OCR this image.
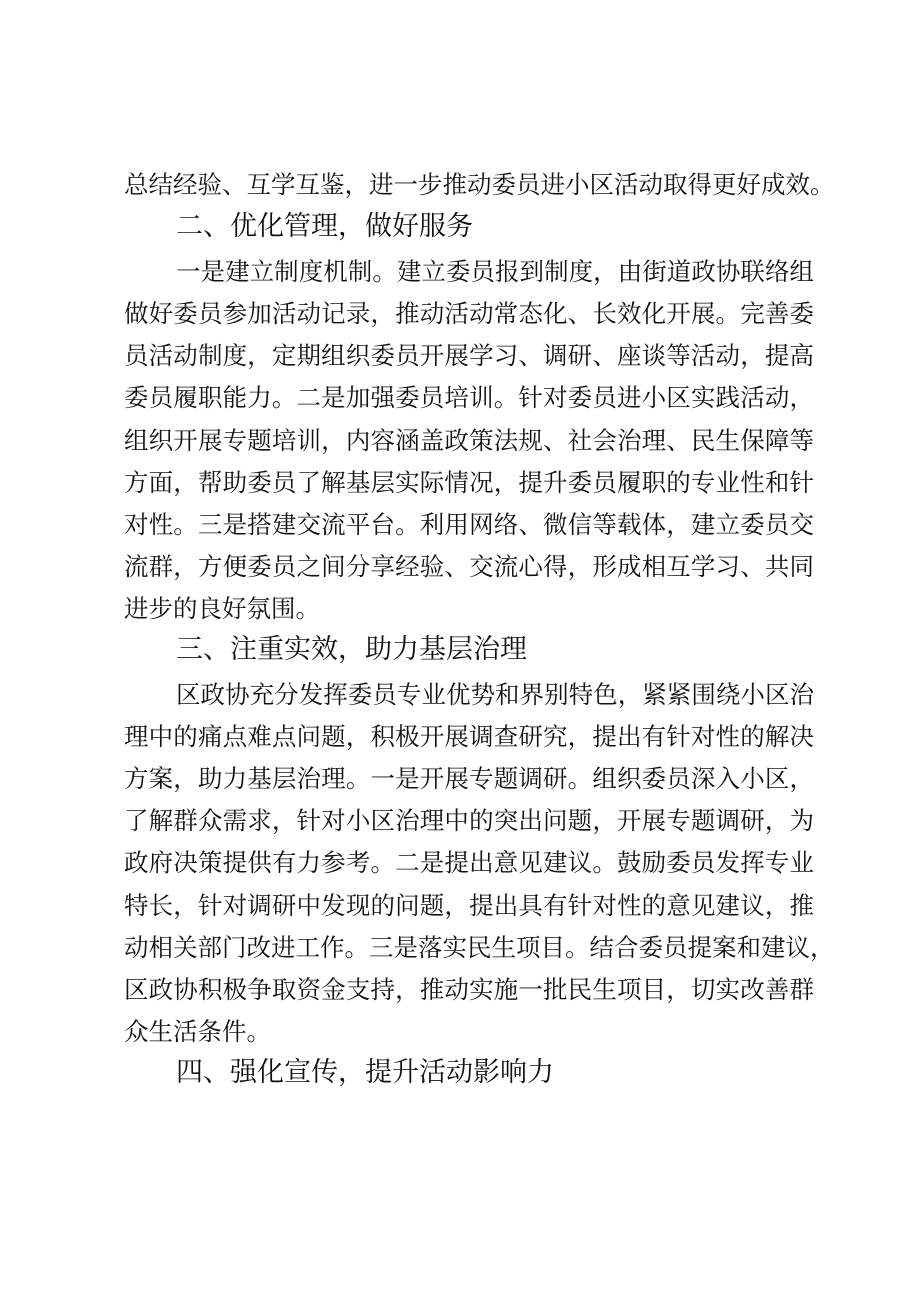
总结经验、互学互鉴，进一步推动委员进小区活动取得更好成效。
二、优化管理，做好服务
一是建立制度机制。建立委员报到制度，由街道政协联络组
做好委员参加活动记录，推动活动常态化、长效化开展。完善委
员活动制度，定期组织委员开展学习、调研、座谈等活动，提高
委员履职能力。二是加强委员培训。针对委员进小区实践活动，
组织开展专题培训，内容涵盖政策法规、社会治理、民生保障等
方面，帮助委员了解基层实际情况，提升委员履职的专业性和针
对性。三是搭建交流平台。利用网络、微信等载体，建立委员交
流群，方便委员之间分享经验、交流心得，形成相互学习、共同
进步的良好氛围。
三、注重实效，助力基层治理
区政协充分发挥委员专业优势和界别特色，紧紧围绕小区治
理中的痛点难点问题，积极开展调查研究，提出有针对性的解决
方案，助力基层治理。一是开展专题调研。组织委员深入小区，
了解群众需求，针对小区治理中的突出问题，开展专题调研，为
政府决策提供有力参考。二是提出意见建议。鼓励委员发挥专业
特长，针对调研中发现的问题，提出具有针对性的意见建议，推
动相关部门改进工作。三是落实民生项目。结合委员提案和建议，
区政协积极争取资金支持，推动实施一批民生项目，切实改善群
众生活条件。
四、强化宣传，提升活动影响力
